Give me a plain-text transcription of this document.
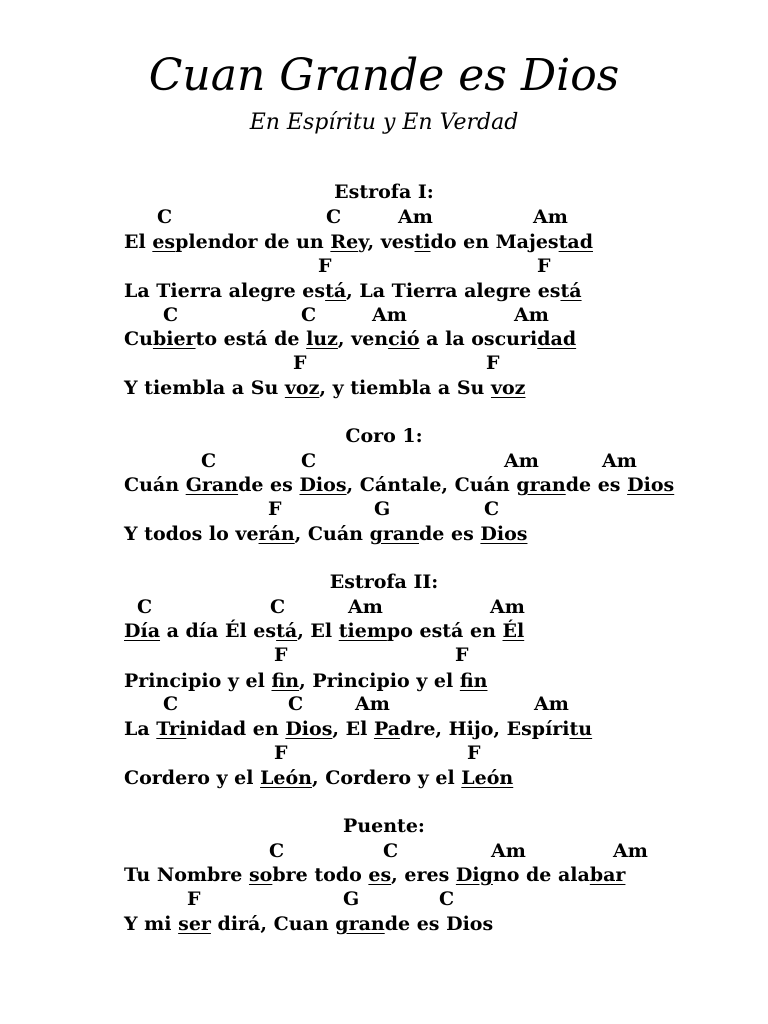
Cuan Grande es Dios
En Espíritu y En Verdad
Estrofa I:
C	C	Am	Am
El esplendor de un Rey, vestido en Majestad
F	F
La Tierra alegre está, La Tierra alegre está
C	C	Am	Am
Cubierto está de luz, venció a la oscuridad
F	F
Y tiembla a Su voz, y tiembla a Su voz
Coro 1:
C	C	Am	Am
Cuán Grande es Dios, Cántale, Cuán grande es Dios
F	G	C
Y todos lo verán, Cuán grande es Dios
Estrofa II:
C	C	Am	Am
Día a día Él está, El tiempo está en Él
F	F
Principio y el fin, Principio y el fin
C	C	Am	Am
La Trinidad en Dios, El Padre, Hijo, Espíritu
F	F
Cordero y el León, Cordero y el León
Puente:
C	C	Am	Am
Tu Nombre sobre todo es, eres Digno de alabar
F	G	C
Y mi ser dirá, Cuan grande es Dios
